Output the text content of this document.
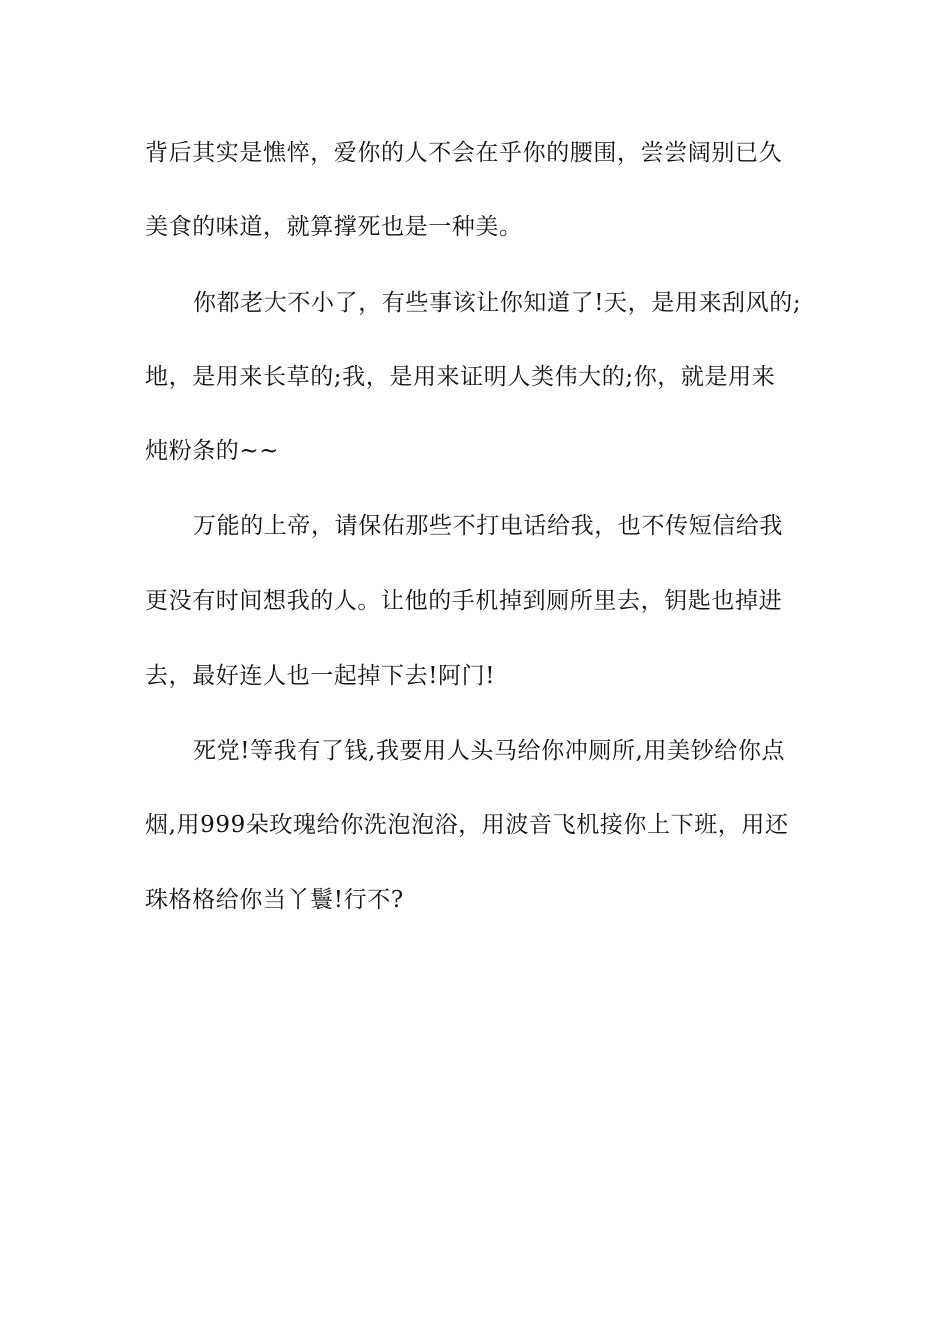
背后其实是憔悴，爱你的人不会在乎你的腰围，尝尝阔别已久
美食的味道，就算撑死也是一种美。
你都老大不小了，有些事该让你知道了!天，是用来刮风的;
地，是用来长草的;我，是用来证明人类伟大的;你，就是用来
炖粉条的~~
万能的上帝，请保佑那些不打电话给我，也不传短信给我
更没有时间想我的人。让他的手机掉到厕所里去，钥匙也掉进
去，最好连人也一起掉下去!阿门!
死党!等我有了钱,我要用人头马给你冲厕所,用美钞给你点
烟,用999朵玫瑰给你洗泡泡浴，用波音飞机接你上下班，用还
珠格格给你当丫鬟!行不?
